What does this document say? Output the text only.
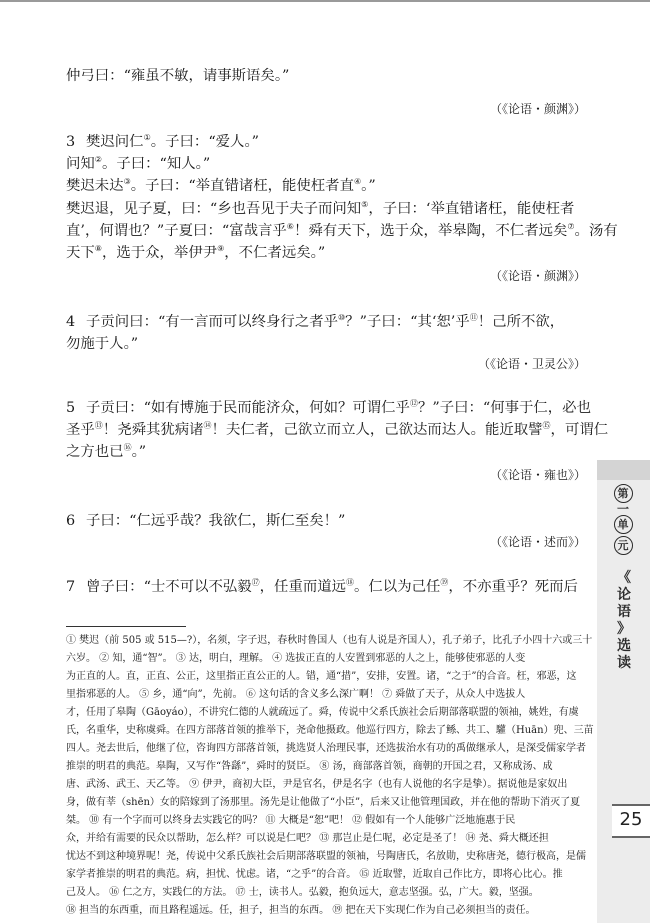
仲弓曰：“雍虽不敏，请事斯语矣。”
（《论语・颜渊》）
3 樊迟问仁①。子曰：“爱人。”
问知②。子曰：“知人。”
樊迟未达③。子曰：“举直错诸枉，能使枉者直④。”
樊迟退，见子夏，曰：“乡也吾见于夫子而问知⑤，子曰：‘举直错诸枉，能使枉者
直’，何谓也？”子夏曰：“富哉言乎⑥！舜有天下，选于众，举皋陶，不仁者远矣⑦。汤有
天下⑧，选于众，举伊尹⑨，不仁者远矣。”
（《论语・颜渊》）
4 子贡问曰：“有一言而可以终身行之者乎⑩？”子曰：“其‘恕’乎⑪！己所不欲，
勿施于人。”
（《论语・卫灵公》）
5 子贡曰：“如有博施于民而能济众，何如？可谓仁乎⑫？”子曰：“何事于仁，必也
圣乎⑬！尧舜其犹病诸⑭！夫仁者，己欲立而立人，己欲达而达人。能近取譬⑮，可谓仁
之方也已⑯。”
（《论语・雍也》）
6 子曰：“仁远乎哉？我欲仁，斯仁至矣！”
（《论语・述而》）
7 曾子曰：“士不可以不弘毅⑰，任重而道远⑱。仁以为己任⑲，不亦重乎？死而后
① 樊迟（前 505 或 515—?），名须，字子迟，春秋时鲁国人（也有人说是齐国人），孔子弟子，比孔子小四十六或三十
六岁。 ② 知，通“智”。 ③ 达，明白，理解。 ④ 选拔正直的人安置到邪恶的人之上，能够使邪恶的人变
为正直的人。直，正直、公正，这里指正直公正的人。错，通“措”，安排，安置。诸，“之于”的合音。枉，邪恶，这
里指邪恶的人。 ⑤ 乡，通“向”，先前。 ⑥ 这句话的含义多么深广啊！ ⑦ 舜做了天子，从众人中选拔人
才，任用了皋陶（Gāoyáo），不讲究仁德的人就疏远了。舜，传说中父系氏族社会后期部落联盟的领袖，姚姓，有虞
氏，名重华，史称虞舜。在四方部落首领的推举下，尧命他摄政。他巡行四方，除去了鲧、共工、驩（Huān）兜、三苗
四人。尧去世后，他继了位，咨询四方部落首领，挑选贤人治理民事，还选拔治水有功的禹做继承人，是深受儒家学者
推崇的明君的典范。皋陶，又写作“咎繇”，舜时的贤臣。 ⑧ 汤，商部落首领，商朝的开国之君，又称成汤、成
唐、武汤、武王、天乙等。 ⑨ 伊尹，商初大臣，尹是官名，伊是名字（也有人说他的名字是挚）。据说他是家奴出
身，做有莘（shēn）女的陪嫁到了汤那里。汤先是让他做了“小臣”，后来又让他管理国政，并在他的帮助下消灭了夏
桀。 ⑩ 有一个字而可以终身去实践它的吗？ ⑪ 大概是“恕”吧！ ⑫ 假如有一个人能够广泛地施惠于民
众，并给有需要的民众以帮助，怎么样？可以说是仁吧？ ⑬ 那岂止是仁呢，必定是圣了！ ⑭ 尧、舜大概还担
忧达不到这种境界呢！尧，传说中父系氏族社会后期部落联盟的领袖，号陶唐氏，名放勋，史称唐尧，德行极高，是儒
家学者推崇的明君的典范。病，担忧、忧虑。诸，“之乎”的合音。 ⑮ 近取譬，近取自己作比方，即将心比心。推
己及人。 ⑯ 仁之方，实践仁的方法。 ⑰ 士，读书人。弘毅，抱负远大，意志坚强。弘，广大。毅，坚强。
⑱ 担当的东西重，而且路程遥远。任，担子，担当的东西。 ⑲ 把在天下实现仁作为自己必须担当的责任。
第
一
单
元
《
论
语
》
选
读
25
